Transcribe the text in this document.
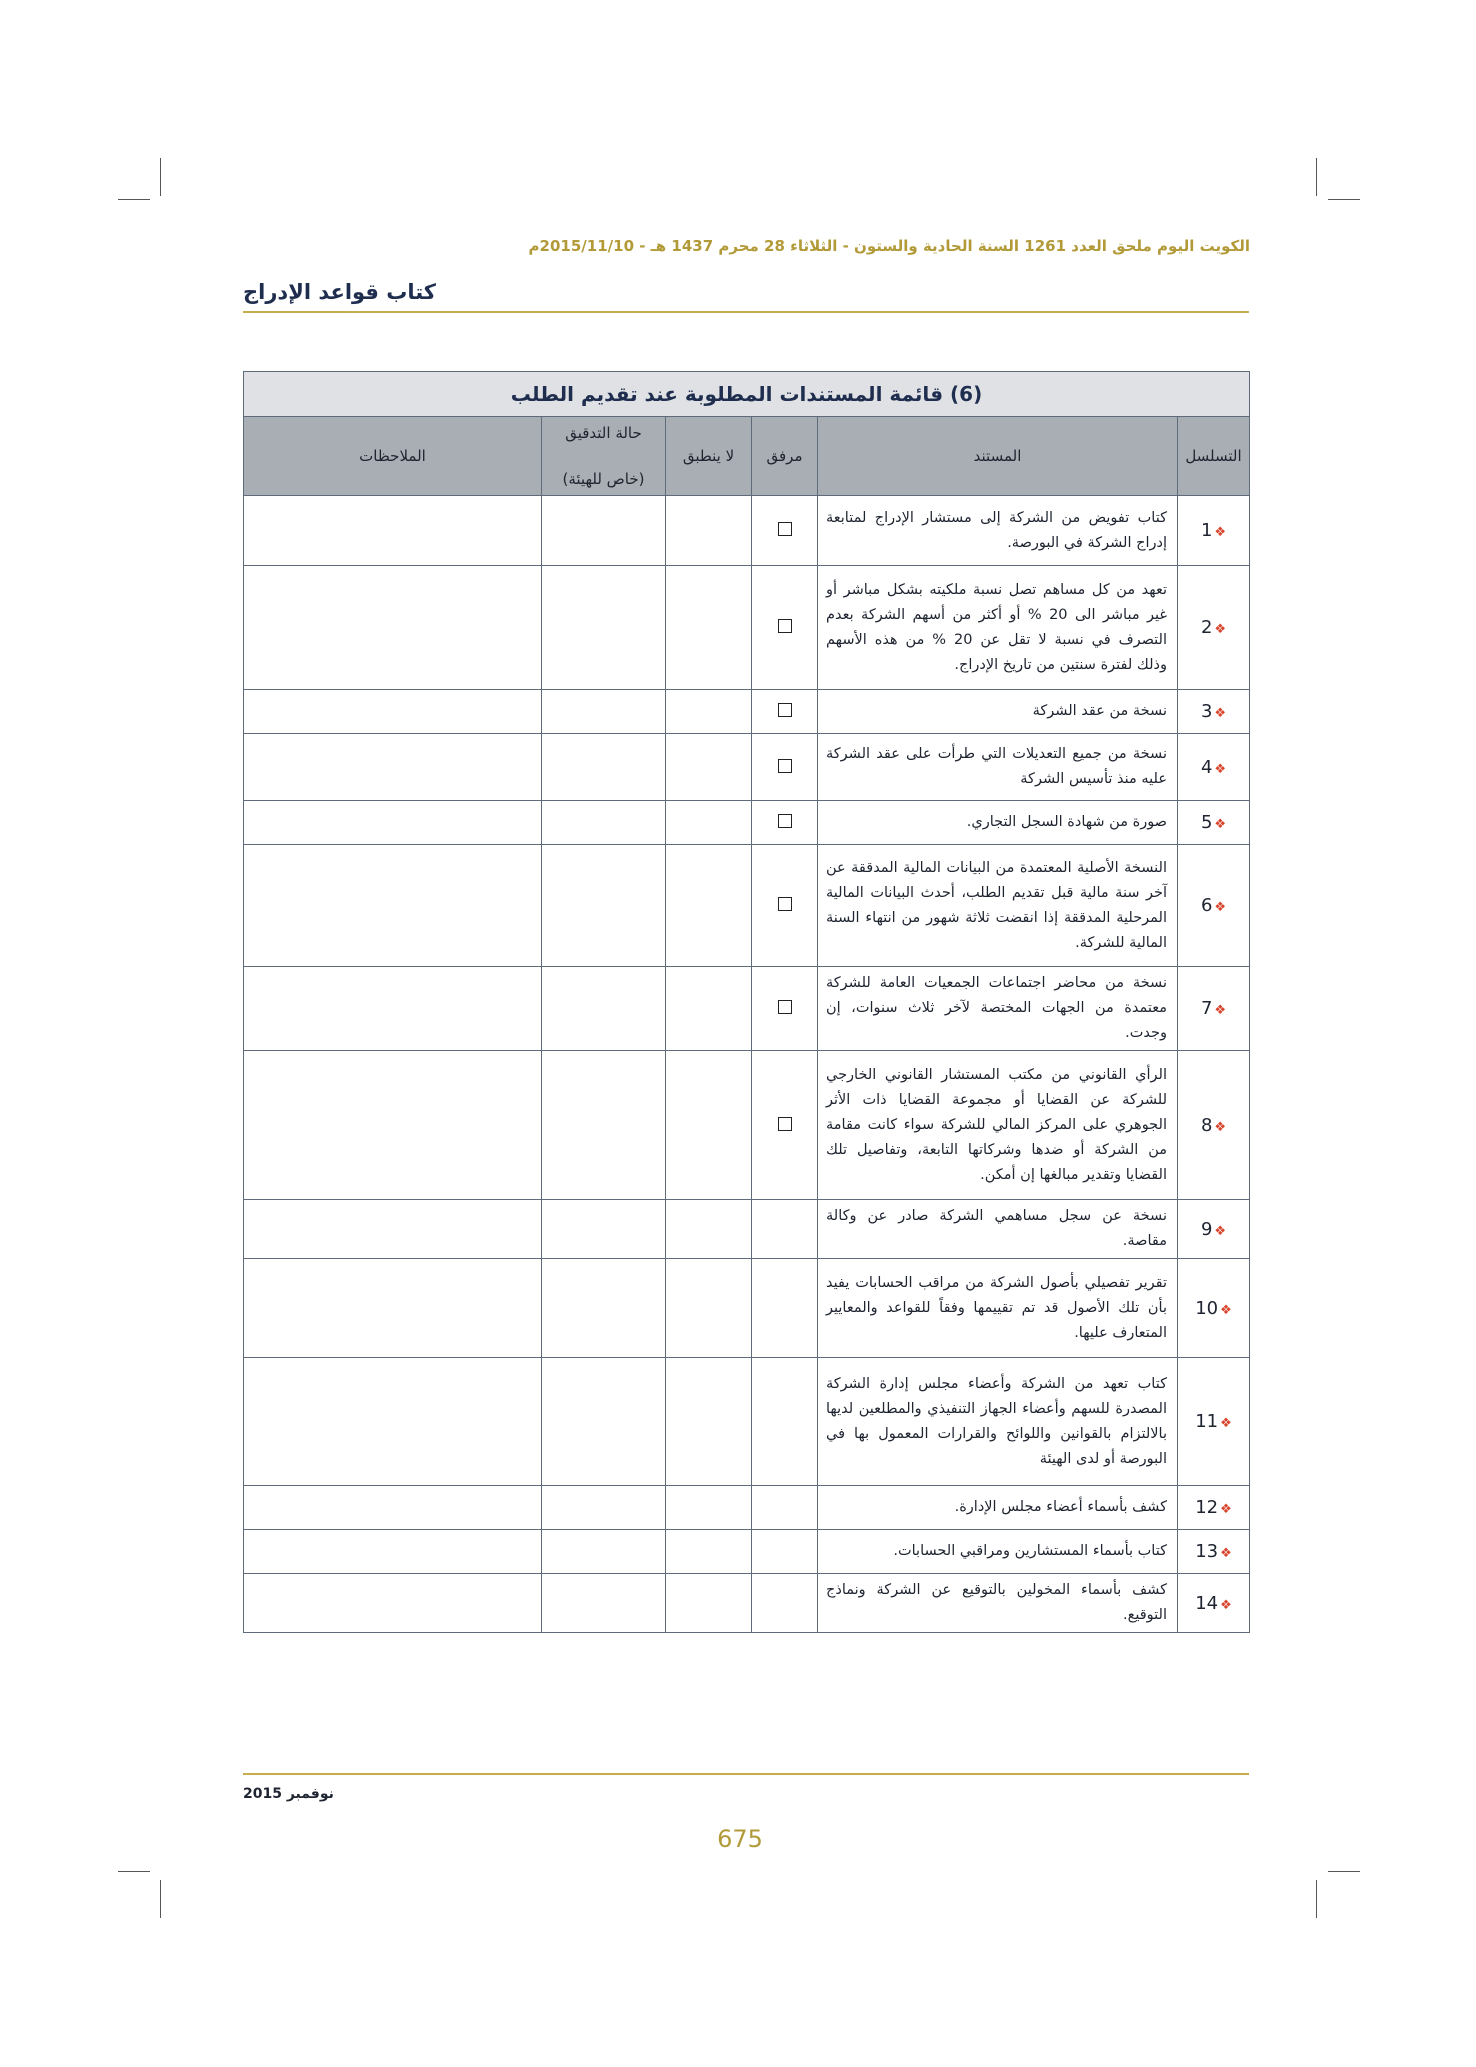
الكويت اليوم ملحق العدد 1261 السنة الحادية والستون - الثلاثاء 28 محرم 1437 هـ - 2015/11/10م
كتاب قواعد الإدراج
(6) قائمة المستندات المطلوبة عند تقديم الطلب					
التسلسل	المستند	مرفق	لا ينطبق	حالة التدقيق
(خاص للهيئة)	الملاحظات
❖1	كتاب تفويض من الشركة إلى مستشار الإدراج لمتابعة إدراج الشركة في البورصة.				
❖2	تعهد من كل مساهم تصل نسبة ملكيته بشكل مباشر أو غير مباشر الى 20 % أو أكثر من أسهم الشركة بعدم التصرف في نسبة لا تقل عن 20 % من هذه الأسهم وذلك لفترة سنتين من تاريخ الإدراج.				
❖3	نسخة من عقد الشركة				
❖4	نسخة من جميع التعديلات التي طرأت على عقد الشركة عليه منذ تأسيس الشركة				
❖5	صورة من شهادة السجل التجاري.				
❖6	النسخة الأصلية المعتمدة من البيانات المالية المدققة عن آخر سنة مالية قبل تقديم الطلب، أحدث البيانات المالية المرحلية المدققة إذا انقضت ثلاثة شهور من انتهاء السنة المالية للشركة.				
❖7	نسخة من محاضر اجتماعات الجمعيات العامة للشركة معتمدة من الجهات المختصة لآخر ثلاث سنوات، إن وجدت.				
❖8	الرأي القانوني من مكتب المستشار القانوني الخارجي للشركة عن القضايا أو مجموعة القضايا ذات الأثر الجوهري على المركز المالي للشركة سواء كانت مقامة من الشركة أو ضدها وشركاتها التابعة، وتفاصيل تلك القضايا وتقدير مبالغها إن أمكن.				
❖9	نسخة عن سجل مساهمي الشركة صادر عن وكالة مقاصة.				
❖10	تقرير تفصيلي بأصول الشركة من مراقب الحسابات يفيد بأن تلك الأصول قد تم تقييمها وفقاً للقواعد والمعايير المتعارف عليها.				
❖11	كتاب تعهد من الشركة وأعضاء مجلس إدارة الشركة المصدرة للسهم وأعضاء الجهاز التنفيذي والمطلعين لديها بالالتزام بالقوانين واللوائح والقرارات المعمول بها في البورصة أو لدى الهيئة				
❖12	كشف بأسماء أعضاء مجلس الإدارة.				
❖13	كتاب بأسماء المستشارين ومراقبي الحسابات.				
❖14	كشف بأسماء المخولين بالتوقيع عن الشركة ونماذج التوقيع.				
نوفمبر 2015
675
